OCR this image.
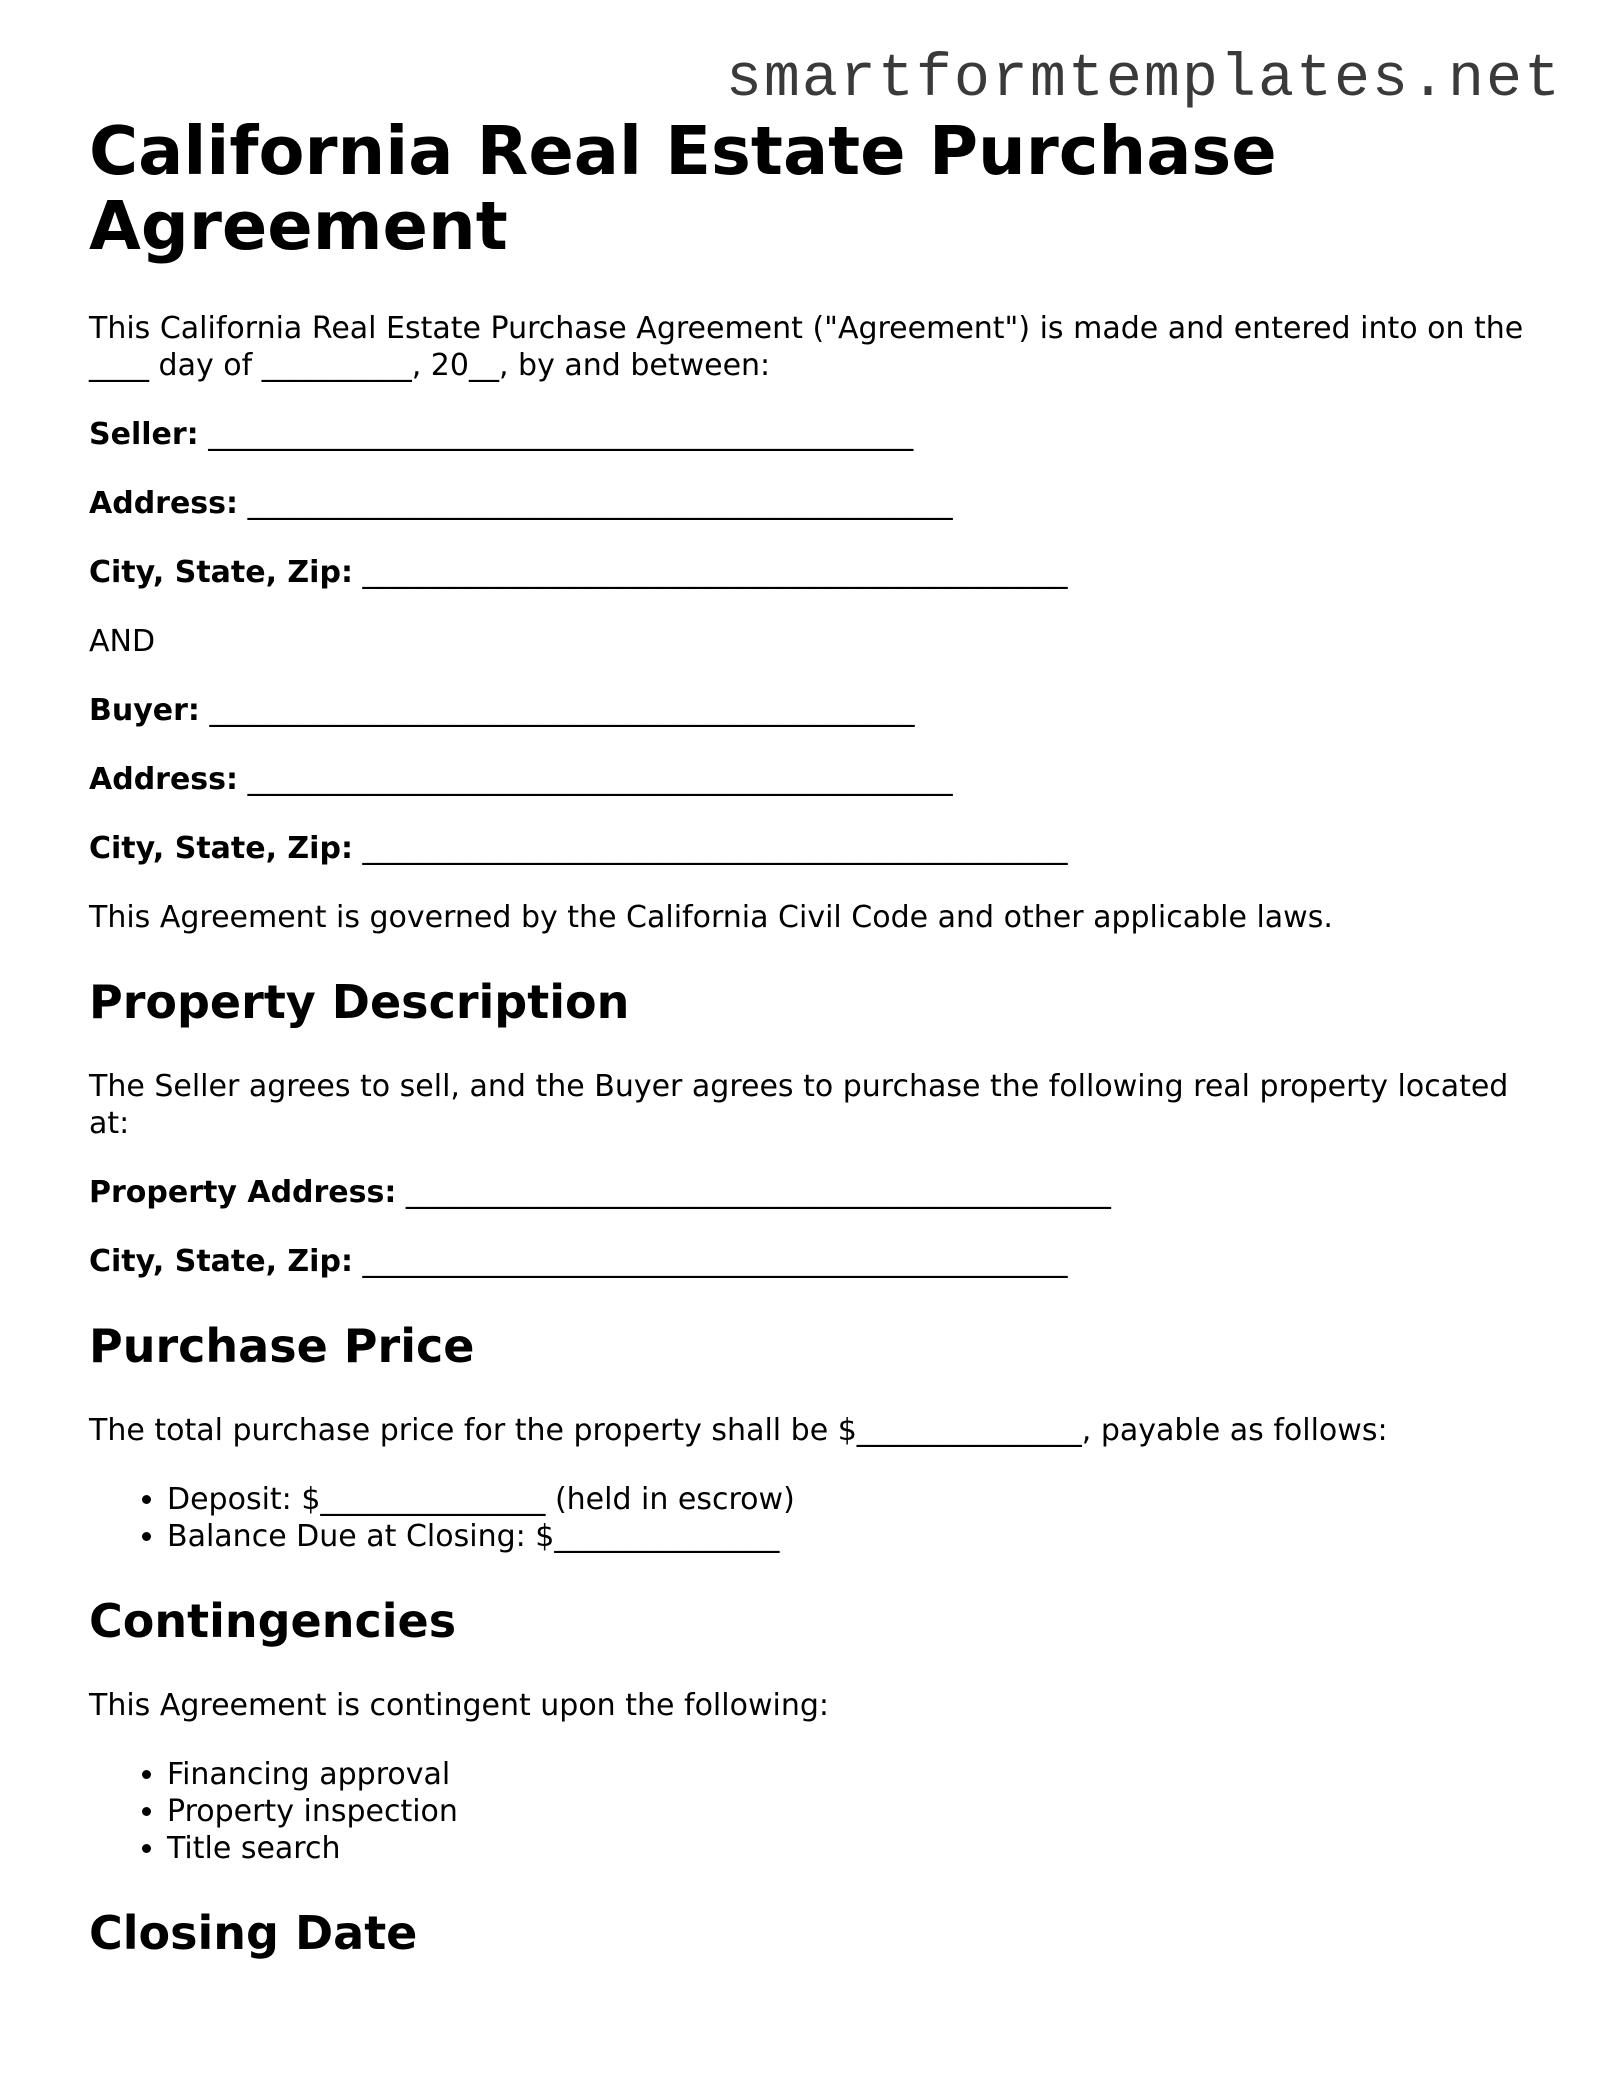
smartformtemplates.net
California Real Estate Purchase Agreement

This California Real Estate Purchase Agreement ("Agreement") is made and entered into on the ____ day of __________, 20__, by and between:

Seller: _______________________________________________
Address: _______________________________________________
City, State, Zip: _______________________________________________

AND

Buyer: _______________________________________________
Address: _______________________________________________
City, State, Zip: _______________________________________________

This Agreement is governed by the California Civil Code and other applicable laws.

Property Description

The Seller agrees to sell, and the Buyer agrees to purchase the following real property located at:

Property Address: _______________________________________________
City, State, Zip: _______________________________________________
Purchase Price

The total purchase price for the property shall be $_______________, payable as follows:

• Deposit: $_______________ (held in escrow)
• Balance Due at Closing: $_______________
Contingencies

This Agreement is contingent upon the following:

• Financing approval
• Property inspection
• Title search
Closing Date
